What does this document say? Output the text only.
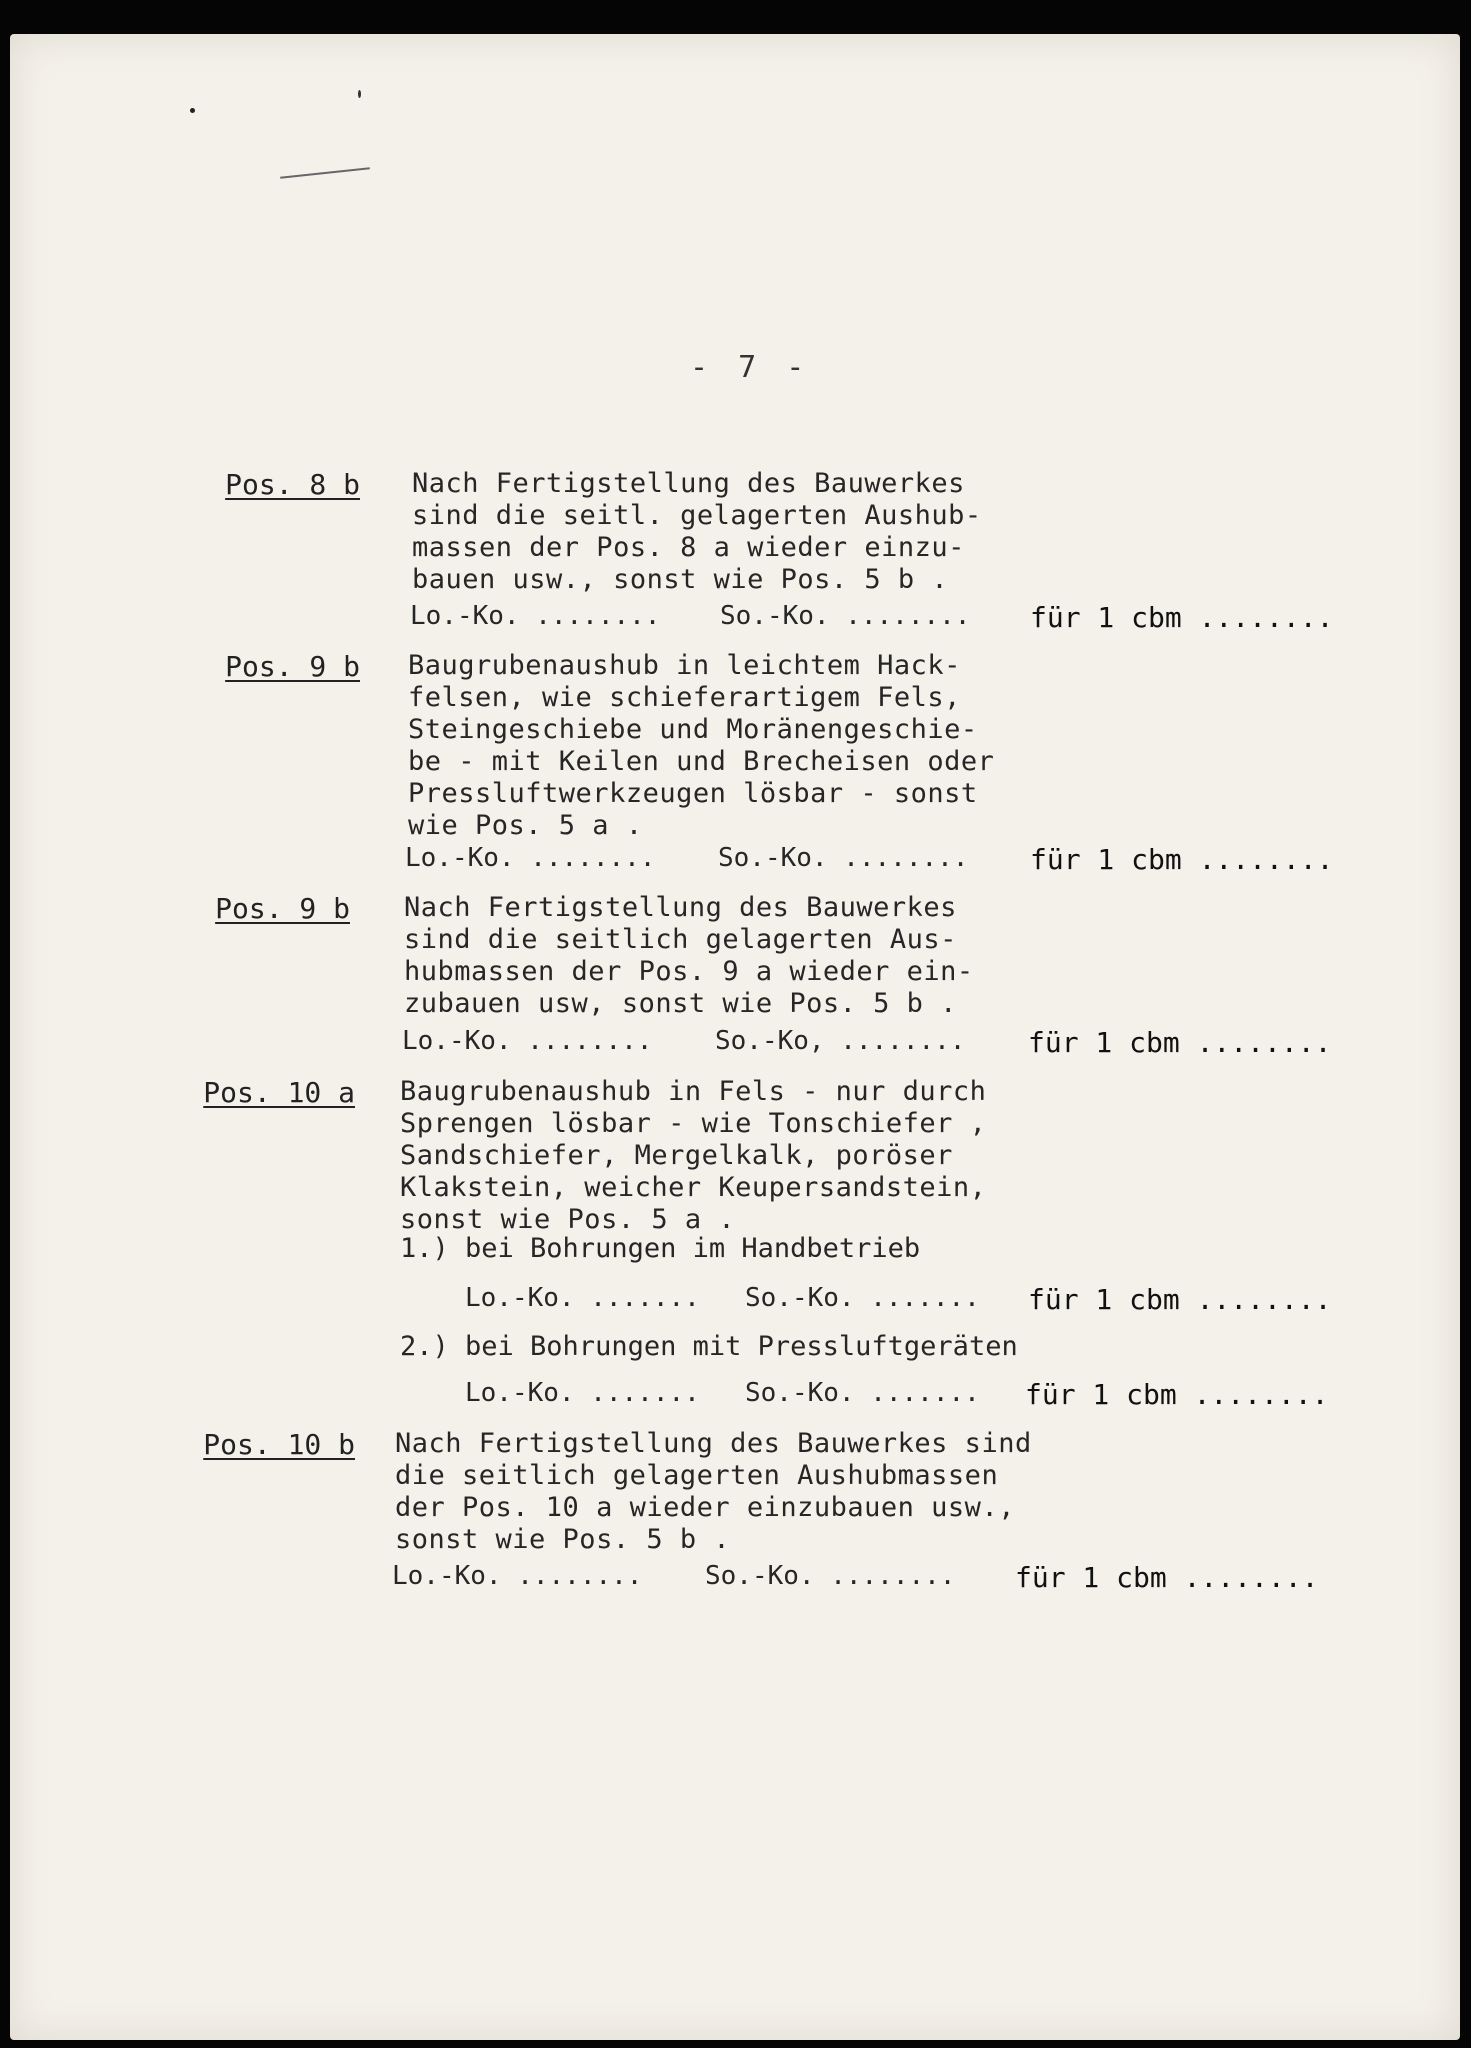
- 7 -
Pos. 8 b Nach Fertigstellung des Bauwerkes
sind die seitl. gelagerten Aushub-
massen der Pos. 8 a wieder einzu-
bauen usw., sonst wie Pos. 5 b .
Lo.-Ko. ........ So.-Ko. ........ für 1 cbm ........
Pos. 9 b Baugrubenaushub in leichtem Hack-
felsen, wie schieferartigem Fels,
Steingeschiebe und Moränengeschie-
be - mit Keilen und Brecheisen oder
Pressluftwerkzeugen lösbar - sonst
wie Pos. 5 a .
Lo.-Ko. ........ So.-Ko. ........ für 1 cbm ........
Pos. 9 b Nach Fertigstellung des Bauwerkes
sind die seitlich gelagerten Aus-
hubmassen der Pos. 9 a wieder ein-
zubauen usw, sonst wie Pos. 5 b .
Lo.-Ko. ........ So.-Ko, ........ für 1 cbm ........
Pos. 10 a Baugrubenaushub in Fels - nur durch
Sprengen lösbar - wie Tonschiefer ,
Sandschiefer, Mergelkalk, poröser
Klakstein, weicher Keupersandstein,
sonst wie Pos. 5 a .
1.) bei Bohrungen im Handbetrieb
Lo.-Ko. ....... So.-Ko. ....... für 1 cbm ........
2.) bei Bohrungen mit Pressluftgeräten
Lo.-Ko. ....... So.-Ko. ....... für 1 cbm ........
Pos. 10 b Nach Fertigstellung des Bauwerkes sind
die seitlich gelagerten Aushubmassen
der Pos. 10 a wieder einzubauen usw.,
sonst wie Pos. 5 b .
Lo.-Ko. ........ So.-Ko. ........ für 1 cbm ........
